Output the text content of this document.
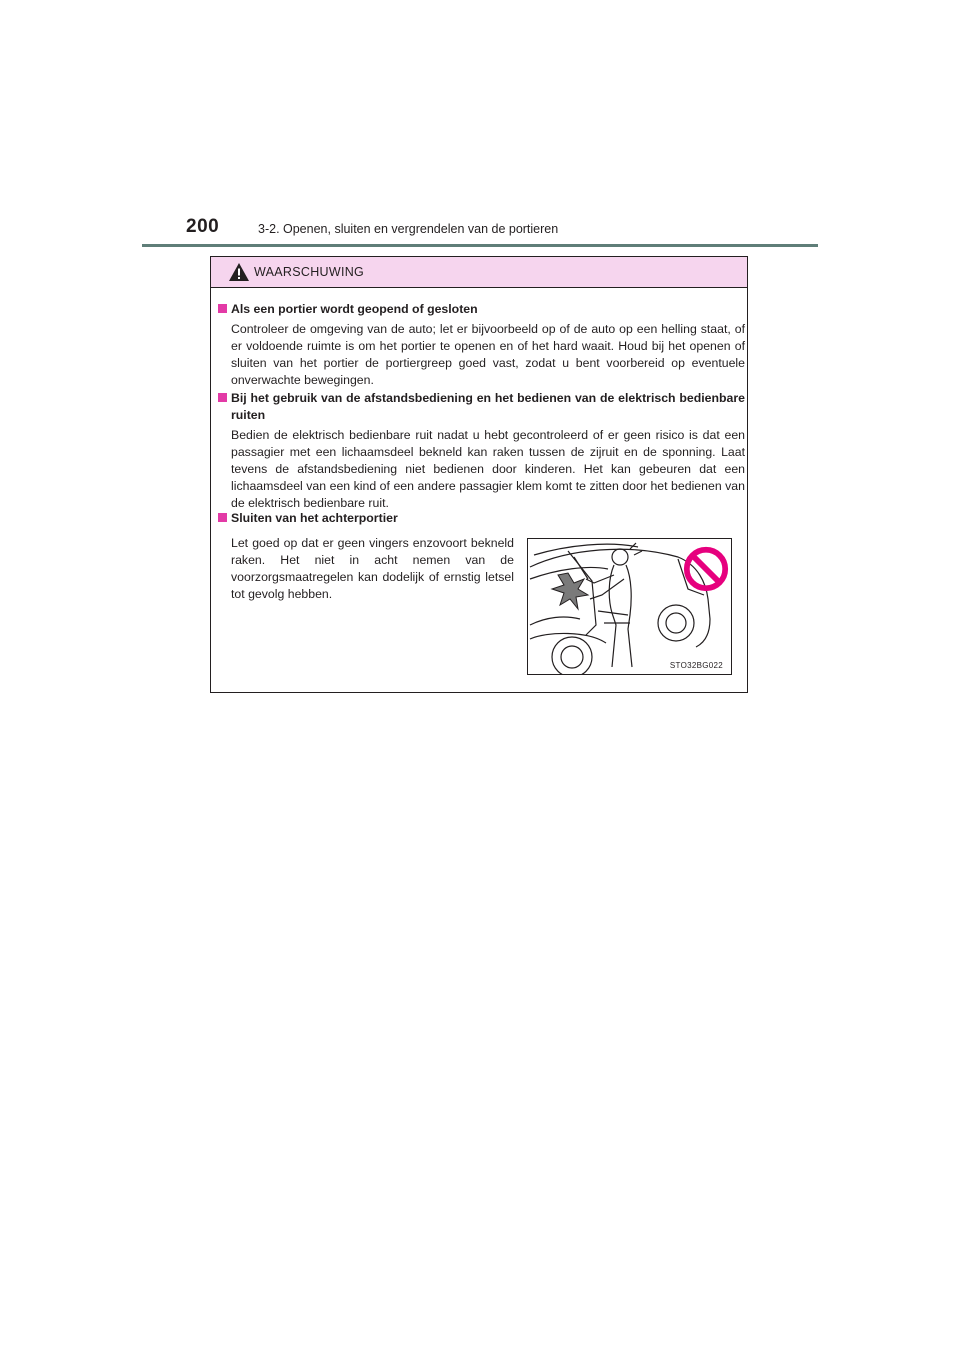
200	3-2. Openen, sluiten en vergrendelen van de portieren
WAARSCHUWING
Als een portier wordt geopend of gesloten
Controleer de omgeving van de auto; let er bijvoorbeeld op of de auto op een helling staat, of er voldoende ruimte is om het portier te openen en of het hard waait. Houd bij het openen of sluiten van het portier de portiergreep goed vast, zodat u bent voorbereid op eventuele onverwachte bewegingen.
Bij het gebruik van de afstandsbediening en het bedienen van de elektrisch bedienbare ruiten
Bedien de elektrisch bedienbare ruit nadat u hebt gecontroleerd of er geen risico is dat een passagier met een lichaamsdeel bekneld kan raken tussen de zijruit en de sponning. Laat tevens de afstandsbediening niet bedienen door kinderen. Het kan gebeuren dat een lichaamsdeel van een kind of een andere passagier klem komt te zitten door het bedienen van de elektrisch bedienbare ruit.
Sluiten van het achterportier
Let goed op dat er geen vingers enzovoort bekneld raken. Het niet in acht nemen van de voorzorgsmaatregelen kan dodelijk of ernstig letsel tot gevolg hebben.
STO32BG022
